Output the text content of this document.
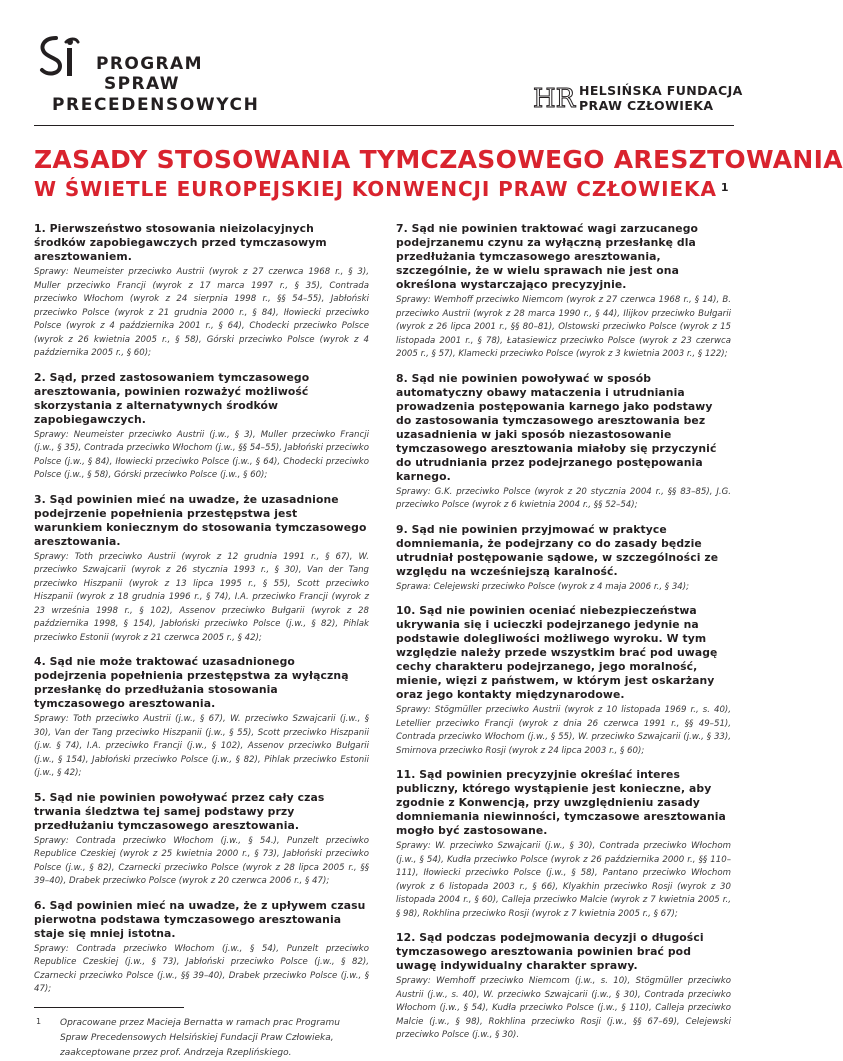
PROGRAM
SPRAW
PRECEDENSOWYCH	HR HELSIŃSKA FUNDACJA
PRAW CZŁOWIEKA
ZASADY STOSOWANIA TYMCZASOWEGO ARESZTOWANIA
W ŚWIETLE EUROPEJSKIEJ KONWENCJI PRAW CZŁOWIEKA $^1$
1. Pierwszeństwo stosowania nieizolacyjnych środków zapobiegawczych przed tymczasowym aresztowaniem.

Sprawy: Neumeister przeciwko Austrii (wyrok z 27 czerwca 1968 r., § 3), Muller przeciwko Francji (wyrok z 17 marca 1997 r., § 35), Contrada przeciwko Włochom (wyrok z 24 sierpnia 1998 r., §§ 54–55), Jabłoński przeciwko Polsce (wyrok z 21 grudnia 2000 r., § 84), Iłowiecki przeciwko Polsce (wyrok z 4 października 2001 r., § 64), Chodecki przeciwko Polsce (wyrok z 26 kwietnia 2005 r., § 58), Górski przeciwko Polsce (wyrok z 4 października 2005 r., § 60);

2. Sąd, przed zastosowaniem tymczasowego aresztowania, powinien rozważyć możliwość skorzystania z alternatywnych środków zapobiegawczych.

Sprawy: Neumeister przeciwko Austrii (j.w., § 3), Muller przeciwko Francji (j.w., § 35), Contrada przeciwko Włochom (j.w., §§ 54–55), Jabłoński przeciwko Polsce (j.w., § 84), Iłowiecki przeciwko Polsce (j.w., § 64), Chodecki przeciwko Polsce (j.w., § 58), Górski przeciwko Polsce (j.w., § 60);

3. Sąd powinien mieć na uwadze, że uzasadnione podejrzenie popełnienia przestępstwa jest warunkiem koniecznym do stosowania tymczasowego aresztowania.

Sprawy: Toth przeciwko Austrii (wyrok z 12 grudnia 1991 r., § 67), W. przeciwko Szwajcarii (wyrok z 26 stycznia 1993 r., § 30), Van der Tang przeciwko Hiszpanii (wyrok z 13 lipca 1995 r., § 55), Scott przeciwko Hiszpanii (wyrok z 18 grudnia 1996 r., § 74), I.A. przeciwko Francji (wyrok z 23 września 1998 r., § 102), Assenov przeciwko Bułgarii (wyrok z 28 października 1998, § 154), Jabłoński przeciwko Polsce (j.w., § 82), Pihlak przeciwko Estonii (wyrok z 21 czerwca 2005 r., § 42);

4. Sąd nie może traktować uzasadnionego podejrzenia popełnienia przestępstwa za wyłączną przesłankę do przedłużania stosowania tymczasowego aresztowania.

Sprawy: Toth przeciwko Austrii (j.w., § 67), W. przeciwko Szwajcarii (j.w., § 30), Van der Tang przeciwko Hiszpanii (j.w., § 55), Scott przeciwko Hiszpanii (j.w. § 74), I.A. przeciwko Francji (j.w., § 102), Assenov przeciwko Bułgarii (j.w., § 154), Jabłoński przeciwko Polsce (j.w., § 82), Pihlak przeciwko Estonii (j.w., § 42);

5. Sąd nie powinien powoływać przez cały czas trwania śledztwa tej samej podstawy przy przedłużaniu tymczasowego aresztowania.

Sprawy: Contrada przeciwko Włochom (j.w., § 54.), Punzelt przeciwko Republice Czeskiej (wyrok z 25 kwietnia 2000 r., § 73), Jabłoński przeciwko Polsce (j.w., § 82), Czarnecki przeciwko Polsce (wyrok z 28 lipca 2005 r., §§ 39–40), Drabek przeciwko Polsce (wyrok z 20 czerwca 2006 r., § 47);

6. Sąd powinien mieć na uwadze, że z upływem czasu pierwotna podstawa tymczasowego aresztowania staje się mniej istotna.

Sprawy: Contrada przeciwko Włochom (j.w., § 54), Punzelt przeciwko Republice Czeskiej (j.w., § 73), Jabłoński przeciwko Polsce (j.w., § 82), Czarnecki przeciwko Polsce (j.w., §§ 39–40), Drabek przeciwko Polsce (j.w., § 47);

1 Opracowane przez Macieja Bernatta w ramach prac Programu Spraw Precedensowych Helsińskiej Fundacji Praw Człowieka, zaakceptowane przez prof. Andrzeja Rzeplińskiego.
7. Sąd nie powinien traktować wagi zarzucanego podejrzanemu czynu za wyłączną przesłankę dla przedłużania tymczasowego aresztowania, szczególnie, że w wielu sprawach nie jest ona określona wystarczająco precyzyjnie.

Sprawy: Wemhoff przeciwko Niemcom (wyrok z 27 czerwca 1968 r., § 14), B. przeciwko Austrii (wyrok z 28 marca 1990 r., § 44), Ilijkov przeciwko Bułgarii (wyrok z 26 lipca 2001 r., §§ 80–81), Olstowski przeciwko Polsce (wyrok z 15 listopada 2001 r., § 78), Łatasiewicz przeciwko Polsce (wyrok z 23 czerwca 2005 r., § 57), Klamecki przeciwko Polsce (wyrok z 3 kwietnia 2003 r., § 122);

8. Sąd nie powinien powoływać w sposób automatyczny obawy mataczenia i utrudniania prowadzenia postępowania karnego jako podstawy do zastosowania tymczasowego aresztowania bez uzasadnienia w jaki sposób niezastosowanie tymczasowego aresztowania miałoby się przyczynić do utrudniania przez podejrzanego postępowania karnego.

Sprawy: G.K. przeciwko Polsce (wyrok z 20 stycznia 2004 r., §§ 83–85), J.G. przeciwko Polsce (wyrok z 6 kwietnia 2004 r., §§ 52–54);

9. Sąd nie powinien przyjmować w praktyce domniemania, że podejrzany co do zasady będzie utrudniał postępowanie sądowe, w szczególności ze względu na wcześniejszą karalność.

Sprawa: Celejewski przeciwko Polsce (wyrok z 4 maja 2006 r., § 34);

10. Sąd nie powinien oceniać niebezpieczeństwa ukrywania się i ucieczki podejrzanego jedynie na podstawie dolegliwości możliwego wyroku. W tym względzie należy przede wszystkim brać pod uwagę cechy charakteru podejrzanego, jego moralność, mienie, więzi z państwem, w którym jest oskarżany oraz jego kontakty międzynarodowe.

Sprawy: Stögmüller przeciwko Austrii (wyrok z 10 listopada 1969 r., s. 40), Letellier przeciwko Francji (wyrok z dnia 26 czerwca 1991 r., §§ 49–51), Contrada przeciwko Włochom (j.w., § 55), W. przeciwko Szwajcarii (j.w., § 33), Smirnova przeciwko Rosji (wyrok z 24 lipca 2003 r., § 60);

11. Sąd powinien precyzyjnie określać interes publiczny, którego wystąpienie jest konieczne, aby zgodnie z Konwencją, przy uwzględnieniu zasady domniemania niewinności, tymczasowe aresztowania mogło być zastosowane.

Sprawy: W. przeciwko Szwajcarii (j.w., § 30), Contrada przeciwko Włochom (j.w., § 54), Kudła przeciwko Polsce (wyrok z 26 października 2000 r., §§ 110–111), Iłowiecki przeciwko Polsce (j.w., § 58), Pantano przeciwko Włochom (wyrok z 6 listopada 2003 r., § 66), Klyakhin przeciwko Rosji (wyrok z 30 listopada 2004 r., § 60), Calleja przeciwko Malcie (wyrok z 7 kwietnia 2005 r., § 98), Rokhlina przeciwko Rosji (wyrok z 7 kwietnia 2005 r., § 67);

12. Sąd podczas podejmowania decyzji o długości tymczasowego aresztowania powinien brać pod uwagę indywidualny charakter sprawy.

Sprawy: Wemhoff przeciwko Niemcom (j.w., s. 10), Stögmüller przeciwko Austrii (j.w., s. 40), W. przeciwko Szwajcarii (j.w., § 30), Contrada przeciwko Włochom (j.w., § 54), Kudła przeciwko Polsce (j.w., § 110), Calleja przeciwko Malcie (j.w., § 98), Rokhlina przeciwko Rosji (j.w., §§ 67–69), Celejewski przeciwko Polsce (j.w., § 30).
